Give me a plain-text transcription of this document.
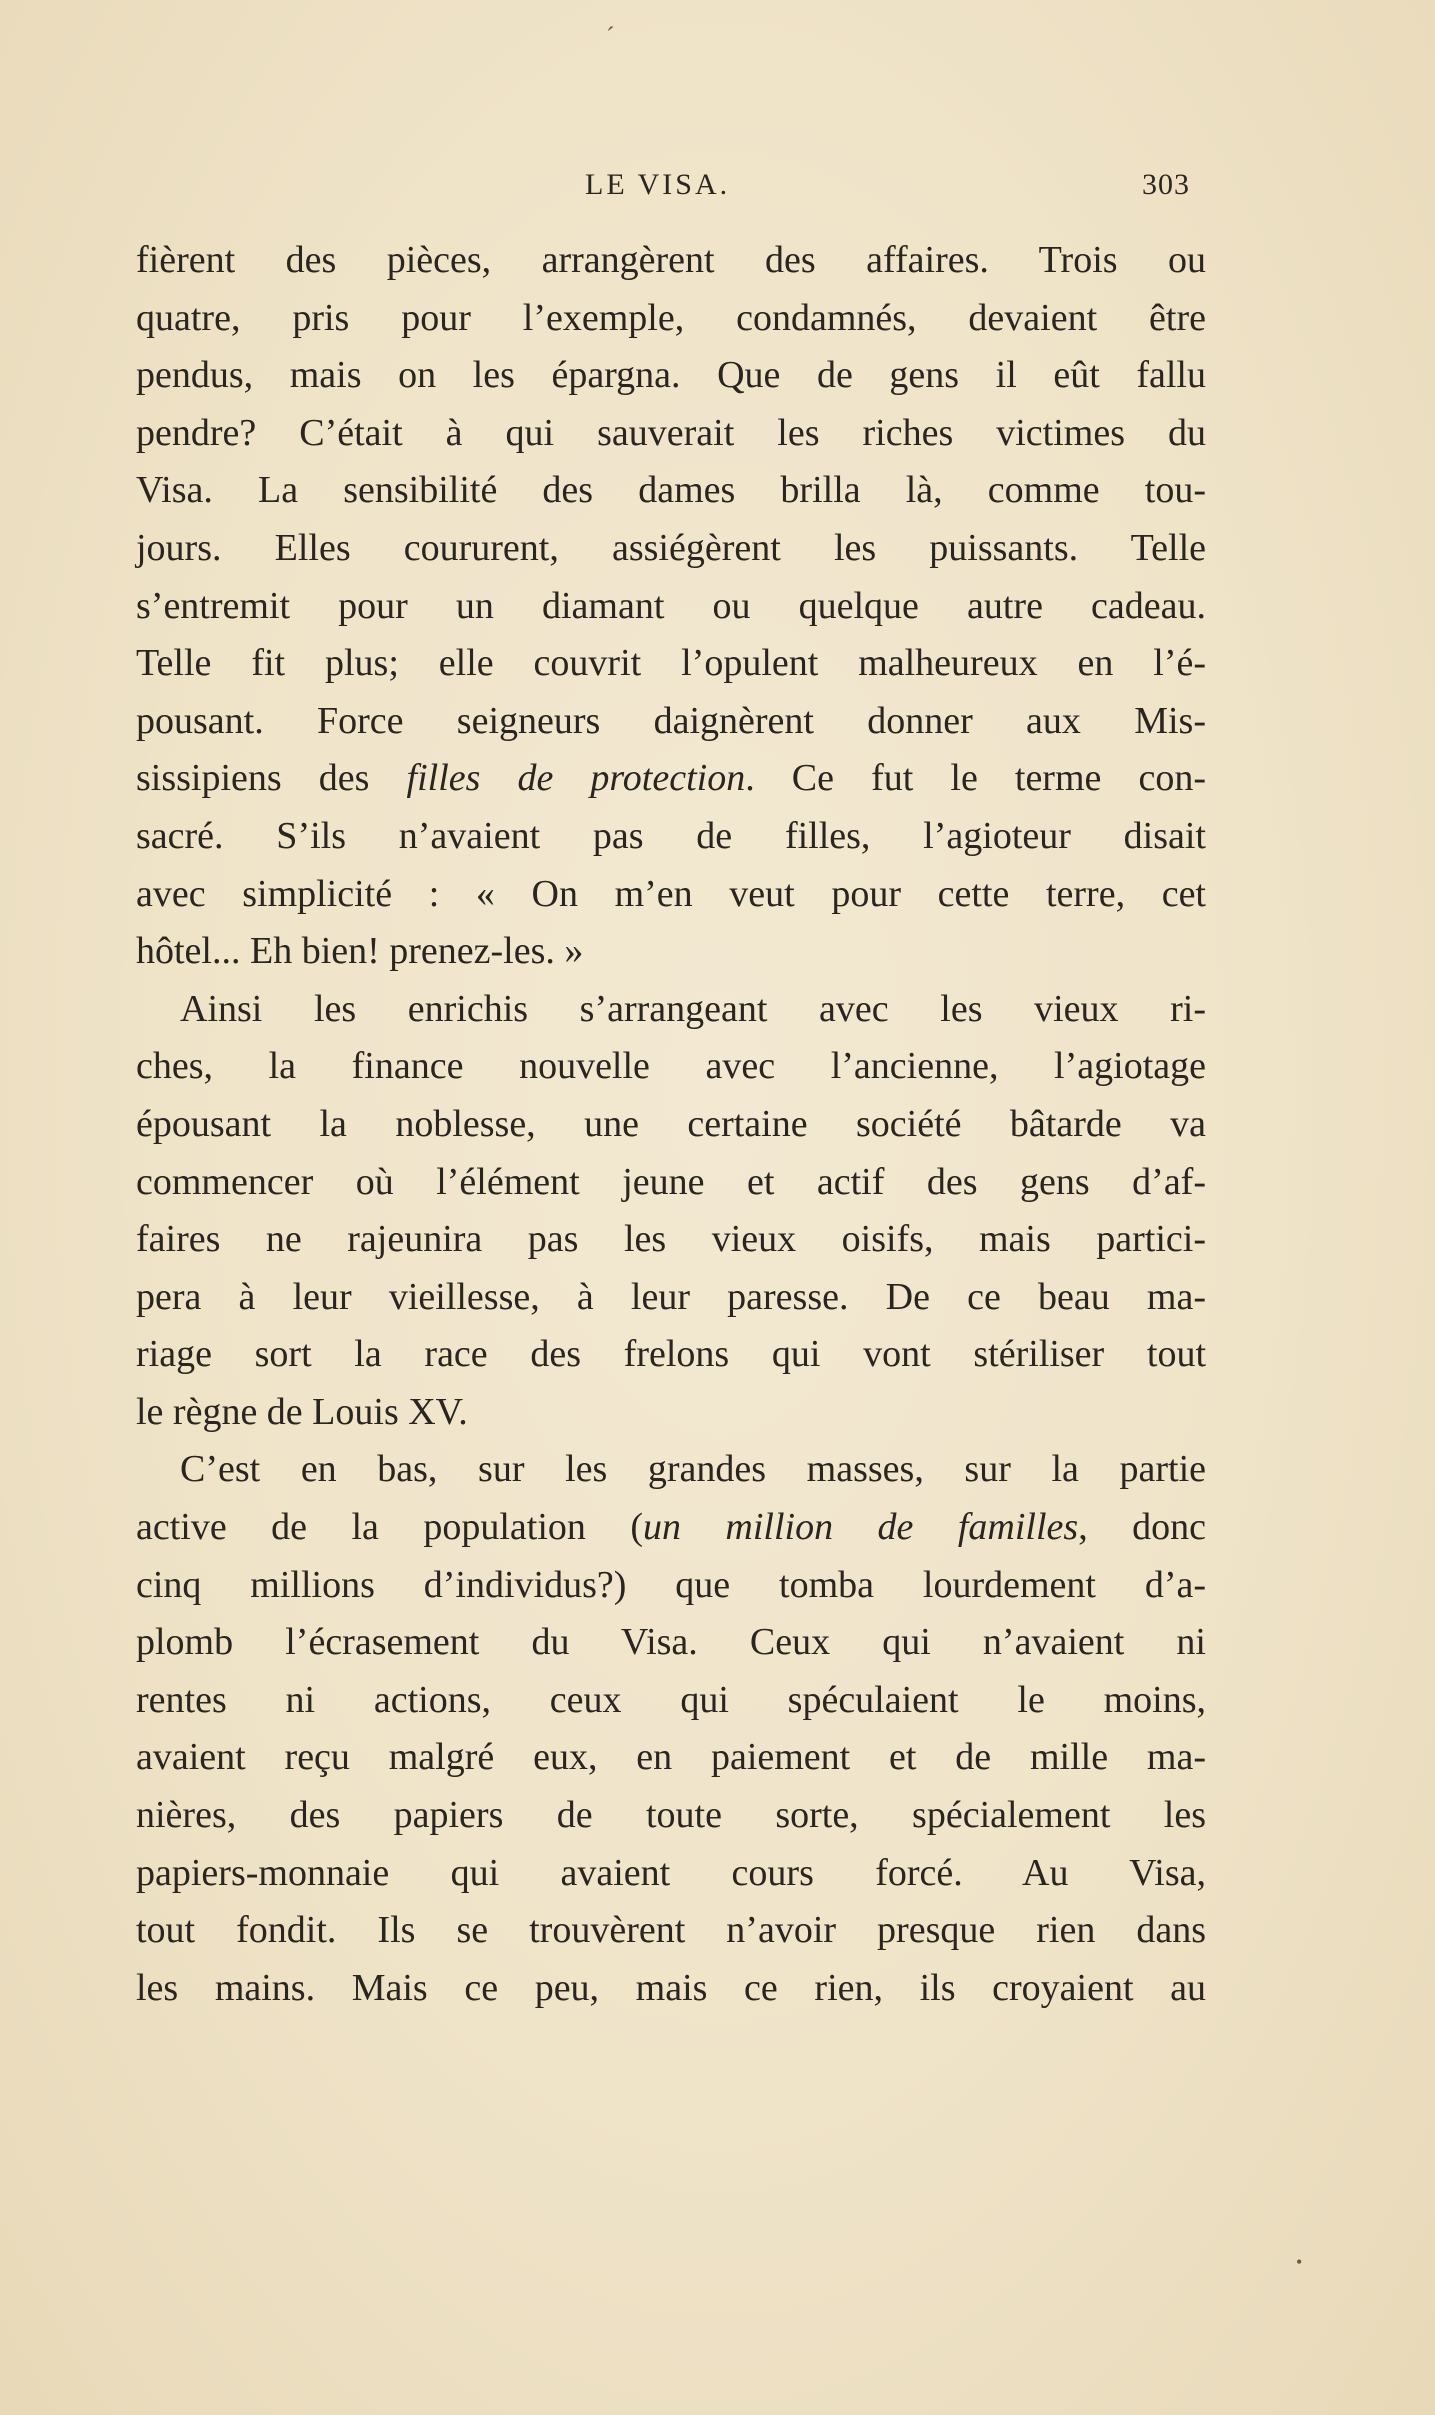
ˊ
•
LE VISA.	303
fièrent des pièces, arrangèrent des affaires. Trois ou
quatre, pris pour l’exemple, condamnés, devaient être
pendus, mais on les épargna. Que de gens il eût fallu
pendre? C’était à qui sauverait les riches victimes du
Visa. La sensibilité des dames brilla là, comme tou-
jours. Elles coururent, assiégèrent les puissants. Telle
s’entremit pour un diamant ou quelque autre cadeau.
Telle fit plus; elle couvrit l’opulent malheureux en l’é-
pousant. Force seigneurs daignèrent donner aux Mis-
sissipiens des filles de protection. Ce fut le terme con-
sacré. S’ils n’avaient pas de filles, l’agioteur disait
avec simplicité : « On m’en veut pour cette terre, cet
hôtel... Eh bien! prenez-les. »
Ainsi les enrichis s’arrangeant avec les vieux ri-
ches, la finance nouvelle avec l’ancienne, l’agiotage
épousant la noblesse, une certaine société bâtarde va
commencer où l’élément jeune et actif des gens d’af-
faires ne rajeunira pas les vieux oisifs, mais partici-
pera à leur vieillesse, à leur paresse. De ce beau ma-
riage sort la race des frelons qui vont stériliser tout
le règne de Louis XV.
C’est en bas, sur les grandes masses, sur la partie
active de la population (un million de familles, donc
cinq millions d’individus?) que tomba lourdement d’a-
plomb l’écrasement du Visa. Ceux qui n’avaient ni
rentes ni actions, ceux qui spéculaient le moins,
avaient reçu malgré eux, en paiement et de mille ma-
nières, des papiers de toute sorte, spécialement les
papiers-monnaie qui avaient cours forcé. Au Visa,
tout fondit. Ils se trouvèrent n’avoir presque rien dans
les mains. Mais ce peu, mais ce rien, ils croyaient au
